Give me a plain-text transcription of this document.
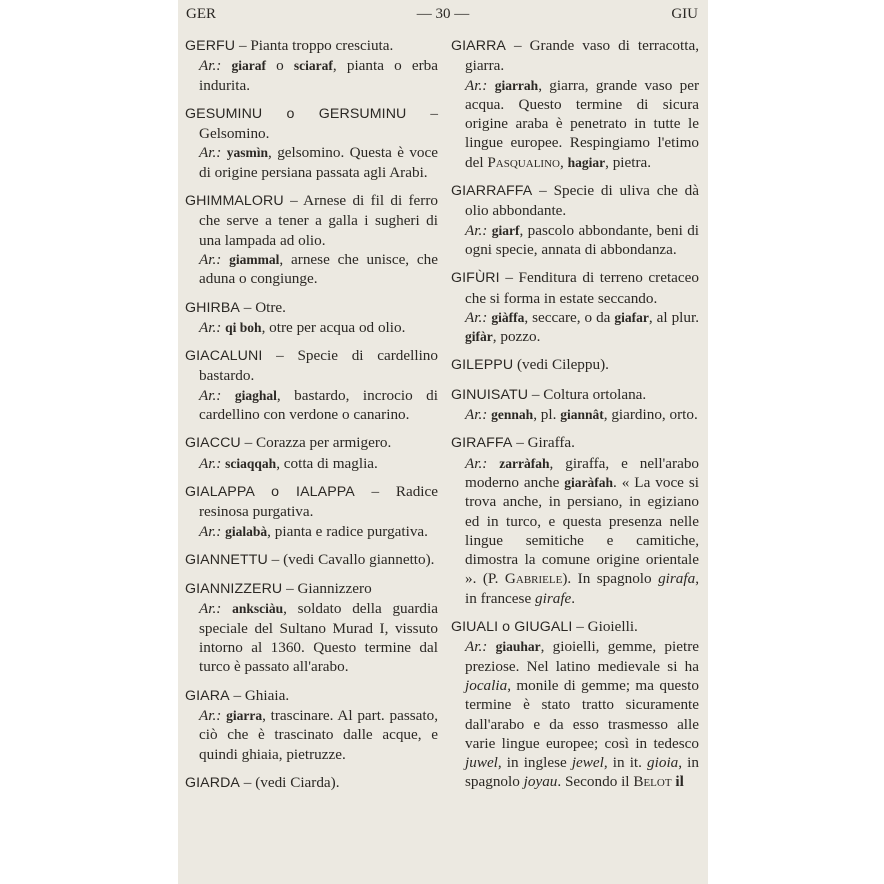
GER	— 30 —	GIU
GERFU – Pianta troppo cresciuta.
Ar.: giaraf o sciaraf, pianta o erba indurita.
GESUMINU o GERSUMINU – Gelsomino.
Ar.: yasmìn, gelsomino. Questa è voce di origine persiana passata agli Arabi.
GHIMMALORU – Arnese di fil di ferro che serve a tener a galla i sugheri di una lampada ad olio.
Ar.: giammal, arnese che unisce, che aduna o congiunge.
GHIRBA – Otre.
Ar.: qi boh, otre per acqua od olio.
GIACALUNI – Specie di cardellino bastardo.
Ar.: giaghal, bastardo, incrocio di cardellino con verdone o canarino.
GIACCU – Corazza per armigero.
Ar.: sciaqqah, cotta di maglia.
GIALAPPA o IALAPPA – Radice resinosa purgativa.
Ar.: gialabà, pianta e radice purgativa.
GIANNETTU – (vedi Cavallo giannetto).
GIANNIZZERU – Giannizzero
Ar.: anksciàu, soldato della guardia speciale del Sultano Murad I, vissuto intorno al 1360. Questo termine dal turco è passato all'arabo.
GIARA – Ghiaia.
Ar.: giarra, trascinare. Al part. passato, ciò che è trascinato dalle acque, e quindi ghiaia, pietruzze.
GIARDA – (vedi Ciarda).
GIARRA – Grande vaso di terracotta, giarra.
Ar.: giarrah, giarra, grande vaso per acqua. Questo termine di sicura origine araba è penetrato in tutte le lingue europee. Respingiamo l'etimo del Pasqualino, hagiar, pietra.
GIARRAFFA – Specie di uliva che dà olio abbondante.
Ar.: giarf, pascolo abbondante, beni di ogni specie, annata di abbondanza.
GIFÙRI – Fenditura di terreno cretaceo che si forma in estate seccando.
Ar.: giàffa, seccare, o da giafar, al plur. gifàr, pozzo.
GILEPPU (vedi Cileppu).
GINUISATU – Coltura ortolana.
Ar.: gennah, pl. giannât, giardino, orto.
GIRAFFA – Giraffa.
Ar.: zarràfah, giraffa, e nell'arabo moderno anche giaràfah. « La voce si trova anche, in persiano, in egiziano ed in turco, e questa presenza nelle lingue semitiche e camitiche, dimostra la comune origine orientale ». (P. Gabriele). In spagnolo girafa, in francese girafe.
GIUALI o GIUGALI – Gioielli.
Ar.: giauhar, gioielli, gemme, pietre preziose. Nel latino medievale si ha jocalia, monile di gemme; ma questo termine è stato tratto sicuramente dall'arabo e da esso trasmesso alle varie lingue europee; così in tedesco juwel, in inglese jewel, in it. gioia, in spagnolo joyau. Secondo il Belot il
